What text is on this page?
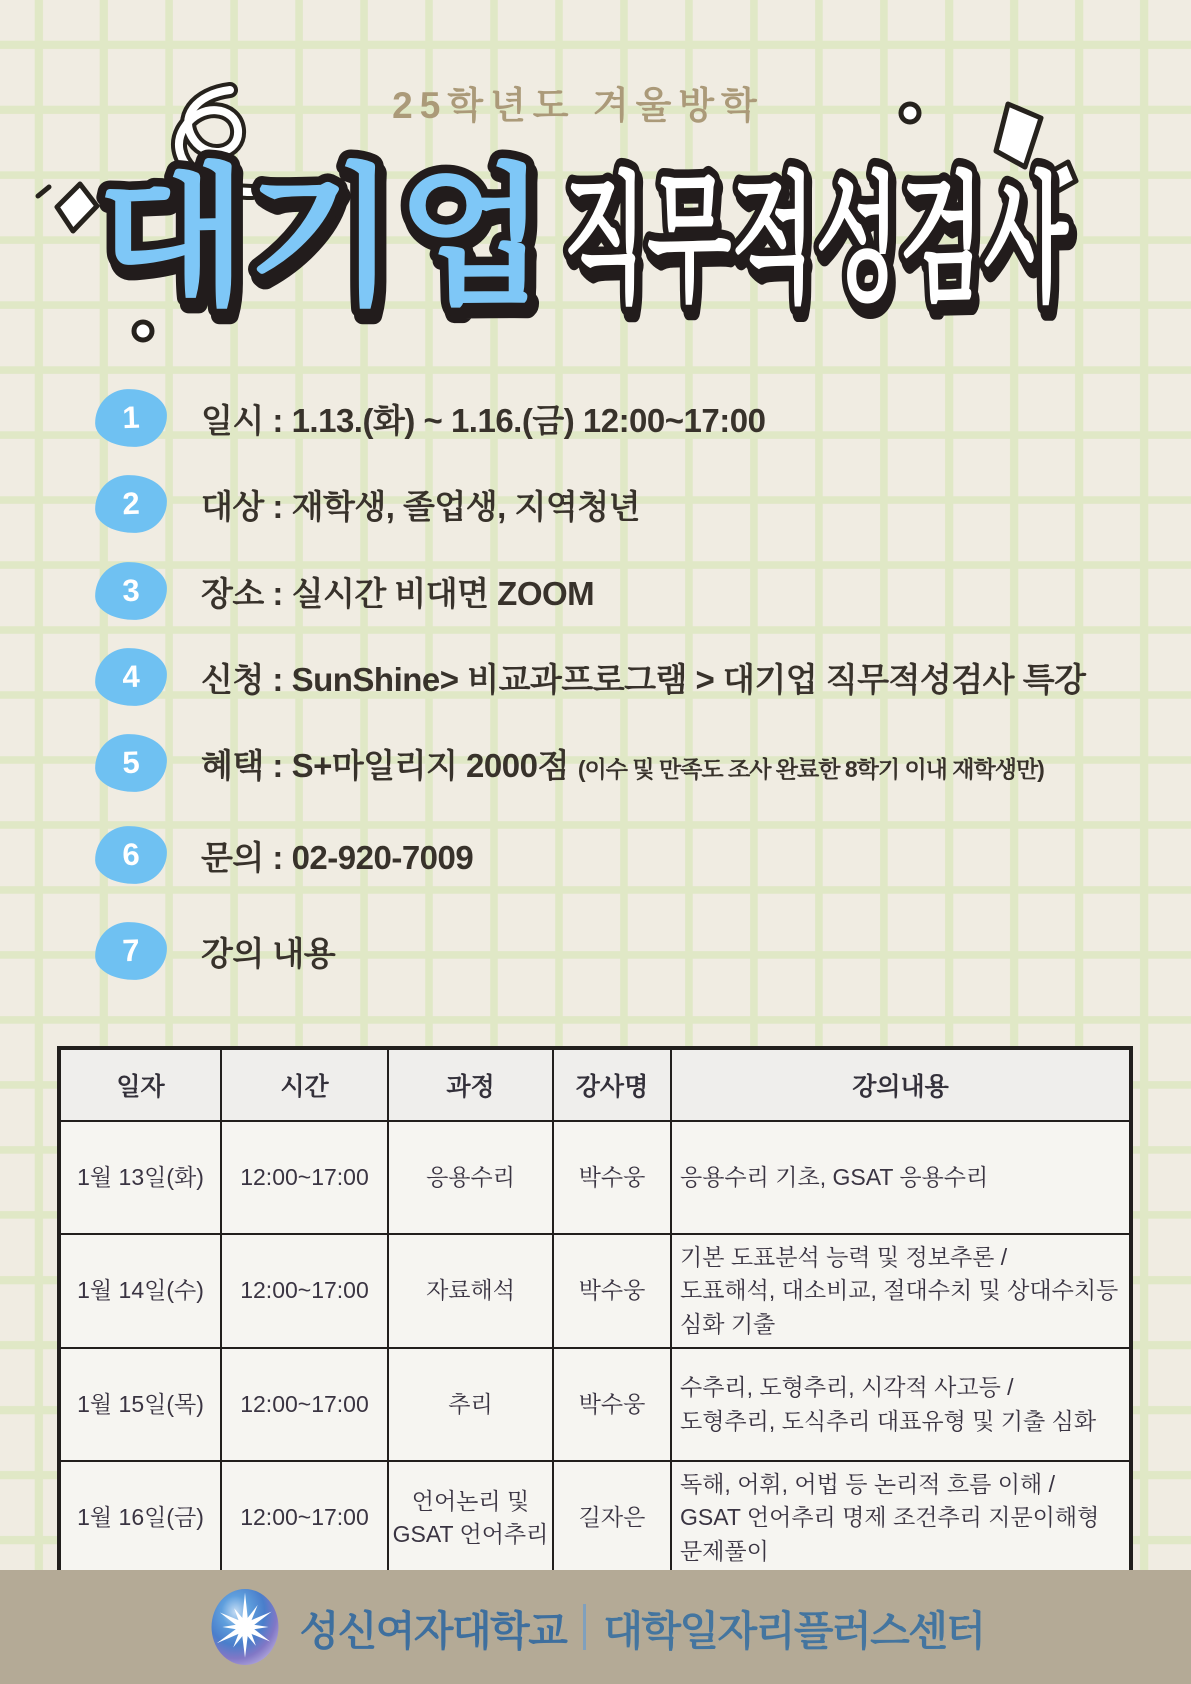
25학년도 겨울방학
대기업 직무적성검사
1 일시 : 1.13.(화) ~ 1.16.(금) 12:00~17:00
2 대상 : 재학생, 졸업생, 지역청년
3 장소 : 실시간 비대면 ZOOM
4 신청 : SunShine> 비교과프로그램 > 대기업 직무적성검사 특강
5 혜택 : S+마일리지 2000점 (이수 및 만족도 조사 완료한 8학기 이내 재학생만)
6 문의 : 02-920-7009
7 강의 내용
일자	시간	과정	강사명	강의내용
1월 13일(화)	12:00~17:00	응용수리	박수웅	응용수리 기초, GSAT 응용수리
1월 14일(수)	12:00~17:00	자료해석	박수웅	기본 도표분석 능력 및 정보추론 /
도표해석, 대소비교, 절대수치 및 상대수치등 심화 기출
1월 15일(목)	12:00~17:00	추리	박수웅	수추리, 도형추리, 시각적 사고등 /
도형추리, 도식추리 대표유형 및 기출 심화
1월 16일(금)	12:00~17:00	언어논리 및
GSAT 언어추리	길자은	독해, 어휘, 어법 등 논리적 흐름 이해 /
GSAT 언어추리 명제 조건추리 지문이해형 문제풀이
성신여자대학교 대학일자리플러스센터
